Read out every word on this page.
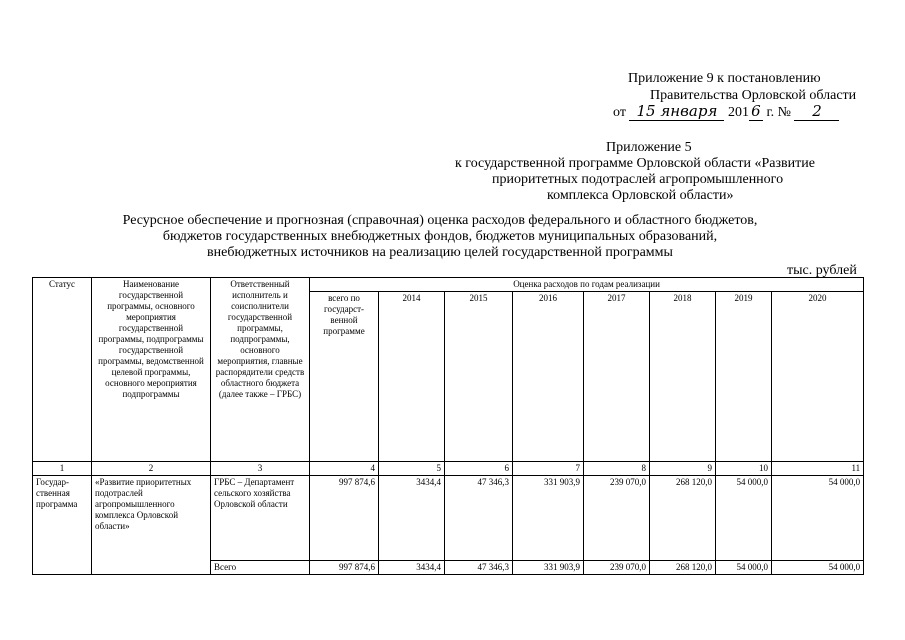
Приложение 9 к постановлению
Правительства Орловской области
от 15 января 201 6 г. № 2
Приложение 5
к государственной программе Орловской области «Развитие
приоритетных подотраслей агропромышленного
комплекса Орловской области»
Ресурсное обеспечение и прогнозная (справочная) оценка расходов федерального и областного бюджетов,
бюджетов государственных внебюджетных фондов, бюджетов муниципальных образований,
внебюджетных источников на реализацию целей государственной программы
тыс. рублей
Статус	Наименование государственной программы, основного мероприятия государственной программы, подпрограммы государственной программы, ведомственной целевой программы, основного мероприятия подпрограммы	Ответственный исполнитель и соисполнители государственной программы, подпрограммы, основного мероприятия, главные распорядители средств областного бюджета (далее также – ГРБС)	Оценка расходов по годам реализации							
			всего по государст-венной программе	2014	2015	2016	2017	2018	2019	2020
1	2	3	4	5	6	7	8	9	10	11
Государ-ственная программа	«Развитие приоритетных подотраслей агропромышленного комплекса Орловской области»	ГРБС – Департамент сельского хозяйства Орловской области	997 874,6	3434,4	47 346,3	331 903,9	239 070,0	268 120,0	54 000,0	54 000,0
		Всего	997 874,6	3434,4	47 346,3	331 903,9	239 070,0	268 120,0	54 000,0	54 000,0
